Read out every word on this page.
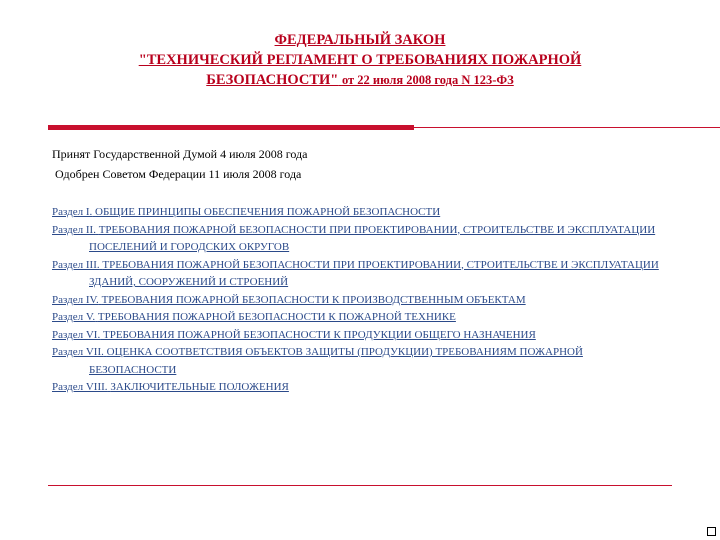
ФЕДЕРАЛЬНЫЙ ЗАКОН
"ТЕХНИЧЕСКИЙ РЕГЛАМЕНТ О ТРЕБОВАНИЯХ ПОЖАРНОЙ
БЕЗОПАСНОСТИ" от 22 июля 2008 года N 123-ФЗ
Принят Государственной Думой 4 июля 2008 года
Одобрен Советом Федерации 11 июля 2008 года
Раздел I. ОБЩИЕ ПРИНЦИПЫ ОБЕСПЕЧЕНИЯ ПОЖАРНОЙ БЕЗОПАСНОСТИ
Раздел II. ТРЕБОВАНИЯ ПОЖАРНОЙ БЕЗОПАСНОСТИ ПРИ ПРОЕКТИРОВАНИИ, СТРОИТЕЛЬСТВЕ И ЭКСПЛУАТАЦИИ ПОСЕЛЕНИЙ И ГОРОДСКИХ ОКРУГОВ
Раздел III. ТРЕБОВАНИЯ ПОЖАРНОЙ БЕЗОПАСНОСТИ ПРИ ПРОЕКТИРОВАНИИ, СТРОИТЕЛЬСТВЕ И ЭКСПЛУАТАЦИИ ЗДАНИЙ, СООРУЖЕНИЙ И СТРОЕНИЙ
Раздел IV. ТРЕБОВАНИЯ ПОЖАРНОЙ БЕЗОПАСНОСТИ К ПРОИЗВОДСТВЕННЫМ ОБЪЕКТАМ
Раздел V. ТРЕБОВАНИЯ ПОЖАРНОЙ БЕЗОПАСНОСТИ К ПОЖАРНОЙ ТЕХНИКЕ
Раздел VI. ТРЕБОВАНИЯ ПОЖАРНОЙ БЕЗОПАСНОСТИ К ПРОДУКЦИИ ОБЩЕГО НАЗНАЧЕНИЯ
Раздел VII. ОЦЕНКА СООТВЕТСТВИЯ ОБЪЕКТОВ ЗАЩИТЫ (ПРОДУКЦИИ) ТРЕБОВАНИЯМ ПОЖАРНОЙ БЕЗОПАСНОСТИ
Раздел VIII. ЗАКЛЮЧИТЕЛЬНЫЕ ПОЛОЖЕНИЯ
